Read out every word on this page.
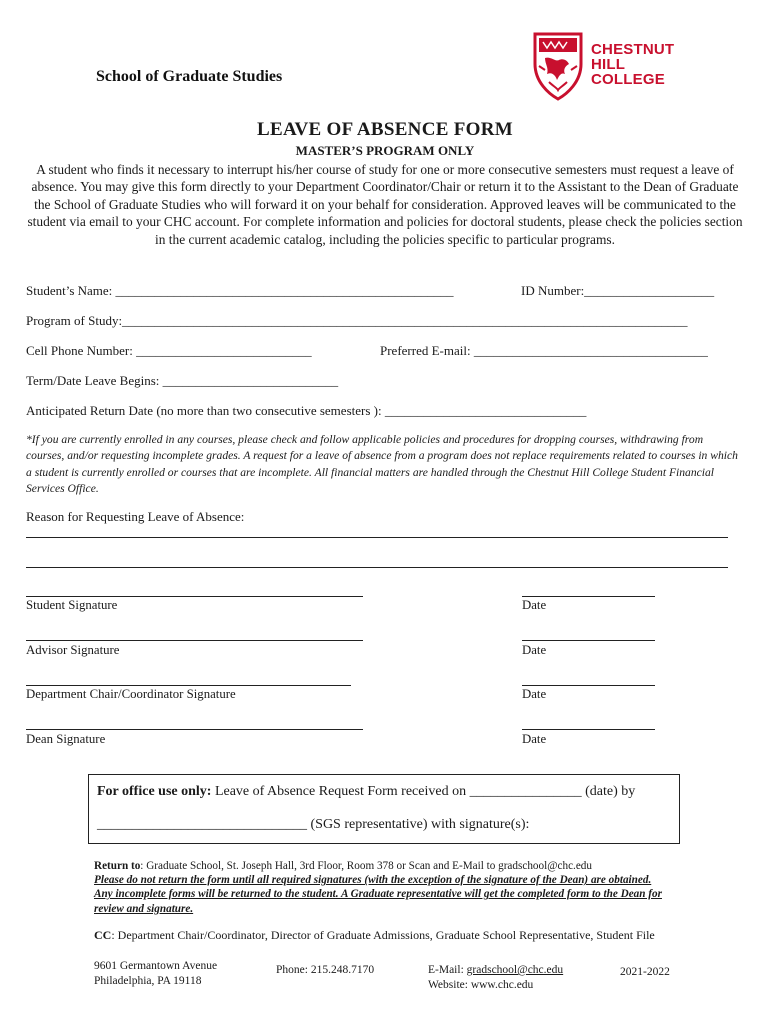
School of Graduate Studies
CHESTNUT
HILL
COLLEGE
LEAVE OF ABSENCE FORM
MASTER’S PROGRAM ONLY
A student who finds it necessary to interrupt his/her course of study for one or more consecutive semesters must request a leave of absence. You may give this form directly to your Department Coordinator/Chair or return it to the Assistant to the Dean of Graduate the School of Graduate Studies who will forward it on your behalf for consideration. Approved leaves will be communicated to the student via email to your CHC account. For complete information and policies for doctoral students, please check the policies section in the current academic catalog, including the policies specific to particular programs.
Student’s Name: ____________________________________________________	ID Number:____________________
Program of Study:_______________________________________________________________________________________
Cell Phone Number: ___________________________	Preferred E-mail: ____________________________________
Term/Date Leave Begins: ___________________________
Anticipated Return Date (no more than two consecutive semesters ): _______________________________
*If you are currently enrolled in any courses, please check and follow applicable policies and procedures for dropping courses, withdrawing from courses, and/or requesting incomplete grades. A request for a leave of absence from a program does not replace requirements related to courses in which a student is currently enrolled or courses that are incomplete. All financial matters are handled through the Chestnut Hill College Student Financial Services Office.
Reason for Requesting Leave of Absence:
Student Signature	Date
Advisor Signature	Date
Department Chair/Coordinator Signature	Date
Dean Signature	Date
For office use only: Leave of Absence Request Form received on ________________ (date) by
______________________________ (SGS representative) with signature(s):
Return to: Graduate School, St. Joseph Hall, 3rd Floor, Room 378 or Scan and E-Mail to gradschool@chc.edu
Please do not return the form until all required signatures (with the exception of the signature of the Dean) are obtained. Any incomplete forms will be returned to the student. A Graduate representative will get the completed form to the Dean for review and signature.
CC: Department Chair/Coordinator, Director of Graduate Admissions, Graduate School Representative, Student File
9601 Germantown Avenue
Philadelphia, PA 19118
Phone: 215.248.7170	E-Mail: gradschool@chc.edu
Website: www.chc.edu
2021-2022
